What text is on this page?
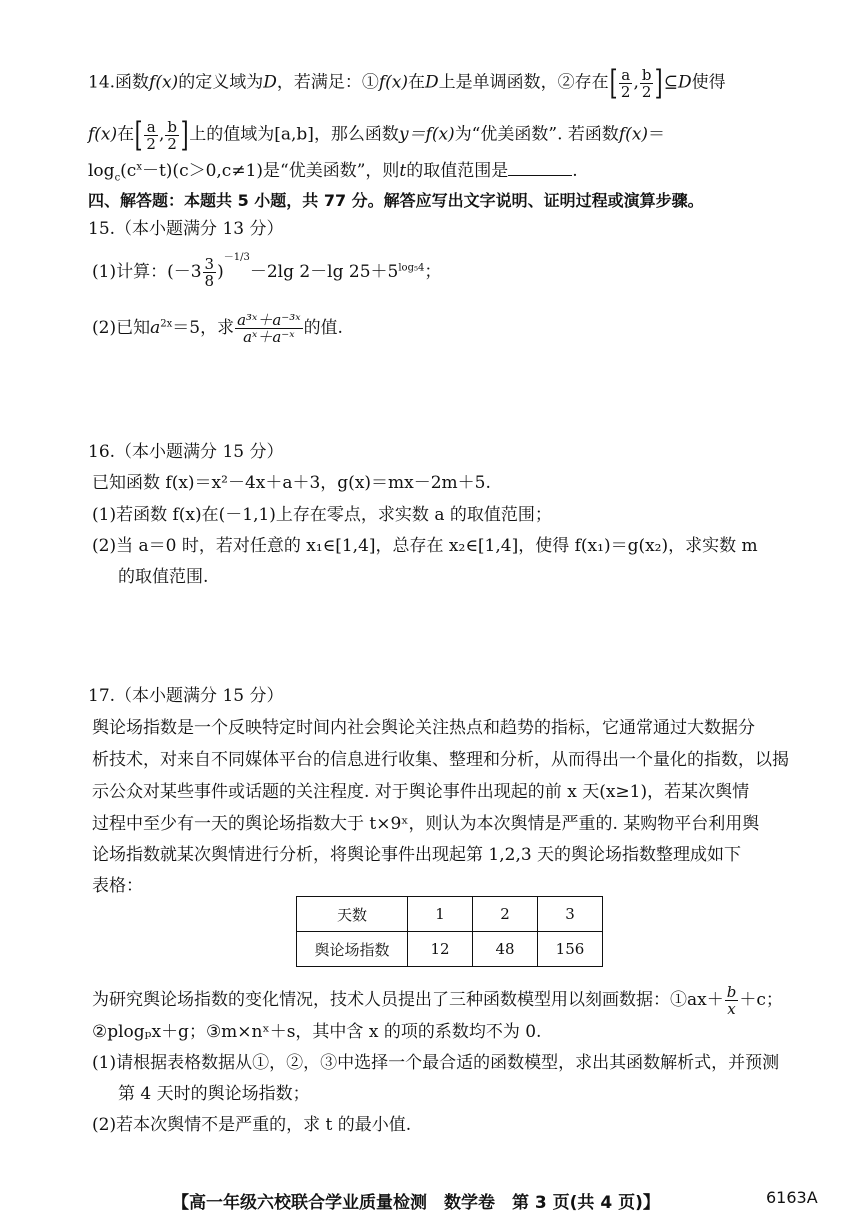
14.函数f(x)的定义域为D，若满足：①f(x)在D上是单调函数，②存在[ $\frac{a}{2}$ , $\frac{b}{2}$ ]⊆D使得
f(x)在[ $\frac{a}{2}$ , $\frac{b}{2}$ ]上的值域为[a,b]，那么函数y＝f(x)为“优美函数”. 若函数f(x)＝
$\log_c(c^x-t)(c>0,c\ne 1)$是“优美函数”，则t的取值范围是	.
四、解答题：本题共 5 小题，共 77 分。解答应写出文字说明、证明过程或演算步骤。
15.（本小题满分 13 分）
(1)计算：$(-3 \frac{3}{8} )^{-1/3}-2\lg$ 2－lg $25+5^{log_54}$；
(2)已知$a^{2x}=5$，求 $\frac{\text{a³ˣ＋a⁻³ˣ}}{\text{aˣ＋a⁻ˣ}}$ 的值.
16.（本小题满分 15 分）
已知函数 f(x)＝x²－4x＋a＋3，g(x)＝mx－2m＋5.
(1)若函数 f(x)在(－1,1)上存在零点，求实数 a 的取值范围；
(2)当 a＝0 时，若对任意的 x₁∈[1,4]，总存在 x₂∈[1,4]，使得 f(x₁)＝g(x₂)，求实数 m
的取值范围.
17.（本小题满分 15 分）
舆论场指数是一个反映特定时间内社会舆论关注热点和趋势的指标，它通常通过大数据分
析技术，对来自不同媒体平台的信息进行收集、整理和分析，从而得出一个量化的指数，以揭
示公众对某些事件或话题的关注程度. 对于舆论事件出现起的前 x 天(x≥1)，若某次舆情
过程中至少有一天的舆论场指数大于 t×9ˣ，则认为本次舆情是严重的. 某购物平台利用舆
论场指数就某次舆情进行分析，将舆论事件出现起第 1,2,3 天的舆论场指数整理成如下
表格：
天数	1	2	3
舆论场指数	12	48	156
为研究舆论场指数的变化情况，技术人员提出了三种函数模型用以刻画数据：①ax＋ $\frac{b}{x} +c$；
②plogₚx＋g；③m×nˣ＋s，其中含 x 的项的系数均不为 0.
(1)请根据表格数据从①，②，③中选择一个最合适的函数模型，求出其函数解析式，并预测
第 4 天时的舆论场指数；
(2)若本次舆情不是严重的，求 t 的最小值.
【高一年级六校联合学业质量检测　数学卷　第 3 页(共 4 页)】	6163A
